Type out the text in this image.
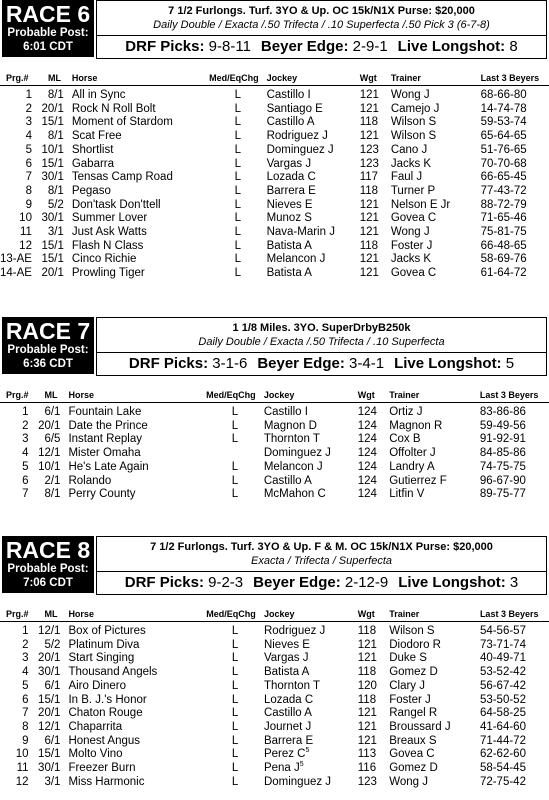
RACE 6
Probable Post:
6:01 CDT
7 1/2 Furlongs. Turf. 3YO & Up. OC 15k/N1X Purse: $20,000
Daily Double / Exacta /.50 Trifecta / .10 Superfecta /.50 Pick 3 (6-7-8)
DRF Picks: 9-8-11 Beyer Edge: 2-9-1 Live Longshot: 8
Prg.#	ML	Horse	Med/EqChg	Jockey	Wgt	Trainer	Last 3 Beyers

1	8/1	All in Sync	L	Castillo I	121	Wong J	68-66-80
2	20/1	Rock N Roll Bolt	L	Santiago E	121	Camejo J	14-74-78
3	15/1	Moment of Stardom	L	Castillo A	118	Wilson S	59-53-74
4	8/1	Scat Free	L	Rodriguez J	121	Wilson S	65-64-65
5	10/1	Shortlist	L	Dominguez J	123	Cano J	51-76-65
6	15/1	Gabarra	L	Vargas J	123	Jacks K	70-70-68
7	30/1	Tensas Camp Road	L	Lozada C	117	Faul J	66-65-45
8	8/1	Pegaso	L	Barrera E	118	Turner P	77-43-72
9	5/2	Don'task Don'ttell	L	Nieves E	121	Nelson E Jr	88-72-79
10	30/1	Summer Lover	L	Munoz S	121	Govea C	71-65-46
11	3/1	Just Ask Watts	L	Nava-Marin J	121	Wong J	75-81-75
12	15/1	Flash N Class	L	Batista A	118	Foster J	66-48-65
13-AE	15/1	Cinco Richie	L	Melancon J	121	Jacks K	58-69-76
14-AE	20/1	Prowling Tiger	L	Batista A	121	Govea C	61-64-72
RACE 7
Probable Post:
6:36 CDT
1 1/8 Miles. 3YO. SuperDrbyB250k
Daily Double / Exacta /.50 Trifecta / .10 Superfecta
DRF Picks: 3-1-6 Beyer Edge: 3-4-1 Live Longshot: 5
Prg.#	ML	Horse	Med/EqChg	Jockey	Wgt	Trainer	Last 3 Beyers

1	6/1	Fountain Lake	L	Castillo I	124	Ortiz J	83-86-86
2	20/1	Date the Prince	L	Magnon D	124	Magnon R	59-49-56
3	6/5	Instant Replay	L	Thornton T	124	Cox B	91-92-91
4	12/1	Mister Omaha		Dominguez J	124	Offolter J	84-85-86
5	10/1	He's Late Again	L	Melancon J	124	Landry A	74-75-75
6	2/1	Rolando	L	Castillo A	124	Gutierrez F	96-67-90
7	8/1	Perry County	L	McMahon C	124	Litfin V	89-75-77
RACE 8
Probable Post:
7:06 CDT
7 1/2 Furlongs. Turf. 3YO & Up. F & M. OC 15k/N1X Purse: $20,000
Exacta / Trifecta / Superfecta
DRF Picks: 9-2-3 Beyer Edge: 2-12-9 Live Longshot: 3
Prg.#	ML	Horse	Med/EqChg	Jockey	Wgt	Trainer	Last 3 Beyers

1	12/1	Box of Pictures	L	Rodriguez J	118	Wilson S	54-56-57
2	5/2	Platinum Diva	L	Nieves E	121	Diodoro R	73-71-74
3	20/1	Start Singing	L	Vargas J	121	Duke S	40-49-71
4	30/1	Thousand Angels	L	Batista A	118	Gomez D	53-52-42
5	6/1	Airo Dinero	L	Thornton T	120	Clary J	56-67-42
6	15/1	In B. J.'s Honor	L	Lozada C	118	Foster J	53-50-52
7	20/1	Chaton Rouge	L	Castillo A	121	Rangel R	64-58-25
8	12/1	Chaparrita	L	Journet J	121	Broussard J	41-64-60
9	6/1	Honest Angus	L	Barrera E	121	Breaux S	71-44-72
10	15/1	Molto Vino	L	Perez $C^5$	113	Govea C	62-62-60
11	30/1	Freezer Burn	L	Pena $J^5$	116	Gomez D	58-54-45
12	3/1	Miss Harmonic	L	Dominguez J	123	Wong J	72-75-42
